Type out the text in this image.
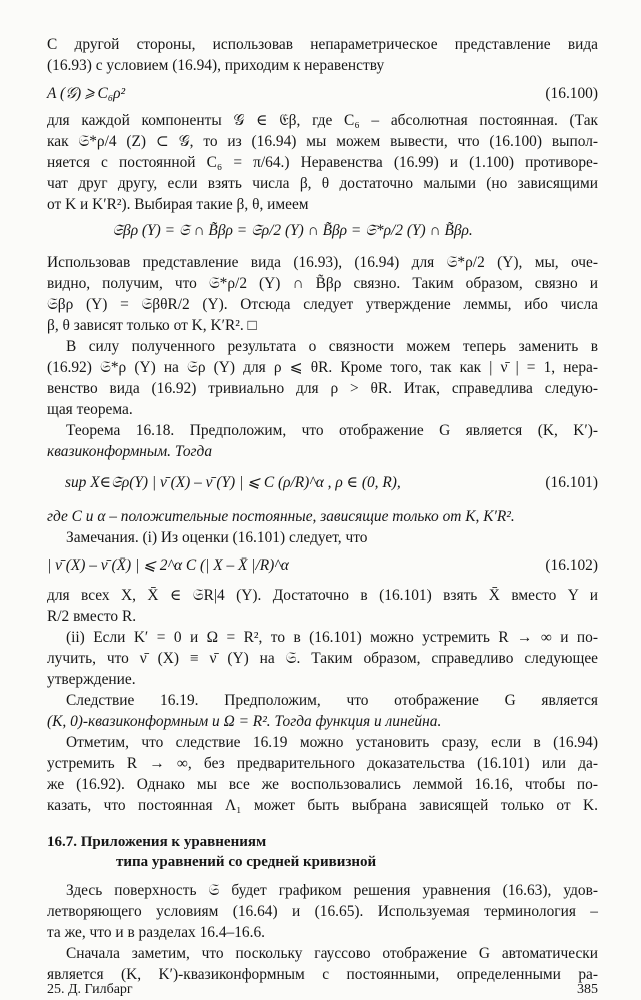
С другой стороны, использовав непараметрическое представление вида
(16.93) с условием (16.94), приходим к неравенству
A (𝒢) ⩾ C₆ρ²	(16.100)
для каждой компоненты 𝒢 ∈ 𝔈β, где C₆ – абсолютная постоянная. (Так
как 𝔖*ρ/4 (Z) ⊂ 𝒢, то из (16.94) мы можем вывести, что (16.100) выпол-
няется с постоянной C₆ = π/64.) Неравенства (16.99) и (1.100) противоре-
чат друг другу, если взять числа β, θ достаточно малыми (но зависящими
от K и K′R²). Выбирая такие β, θ, имеем
𝔖βρ (Y) = 𝔖 ∩ B̃βρ = 𝔖ρ/2 (Y) ∩ B̃βρ = 𝔖*ρ/2 (Y) ∩ B̃βρ.
Использовав представление вида (16.93), (16.94) для 𝔖*ρ/2 (Y), мы, оче-
видно, получим, что 𝔖*ρ/2 (Y) ∩ B̃βρ связно. Таким образом, связно и
𝔖βρ (Y) = 𝔖βθR/2 (Y). Отсюда следует утверждение леммы, ибо числа
β, θ зависят только от K, K′R². □
В силу полученного результата о связности можем теперь заменить в
(16.92) 𝔖*ρ (Y) на 𝔖ρ (Y) для ρ ⩽ θR. Кроме того, так как | ν̄ | = 1, нера-
венство вида (16.92) тривиально для ρ > θR. Итак, справедлива следую-
щая теорема.
Теорема 16.18. Предположим, что отображение G является (K, K′)-
квазиконформным. Тогда
sup X∈𝔖ρ(Y) | ν̄ (X) – ν̄ (Y) | ⩽ C (ρ/R)^α , ρ ∈ (0, R),	(16.101)
где C и α – положительные постоянные, зависящие только от K, K′R².
Замечания. (i) Из оценки (16.101) следует, что
| ν̄ (X) – ν̄ (X̄) | ⩽ 2^α C (| X – X̄ |/R)^α	(16.102)
для всех X, X̄ ∈ 𝔖R|4 (Y). Достаточно в (16.101) взять X̄ вместо Y и
R/2 вместо R.
(ii) Если K′ = 0 и Ω = R², то в (16.101) можно устремить R → ∞ и по-
лучить, что ν̄ (X) ≡ ν̄ (Y) на 𝔖. Таким образом, справедливо следующее
утверждение.
Следствие 16.19. Предположим, что отображение G является
(K, 0)-квазиконформным и Ω = R². Тогда функция и линейна.
Отметим, что следствие 16.19 можно установить сразу, если в (16.94)
устремить R → ∞, без предварительного доказательства (16.101) или да-
же (16.92). Однако мы все же воспользовались леммой 16.16, чтобы по-
казать, что постоянная Λ₁ может быть выбрана зависящей только от K.
16.7. Приложения к уравнениям
типа уравнений со средней кривизной
Здесь поверхность 𝔖 будет графиком решения уравнения (16.63), удов-
летворяющего условиям (16.64) и (16.65). Используемая терминология –
та же, что и в разделах 16.4–16.6.
Сначала заметим, что поскольку гауссово отображение G автоматически
является (K, K′)-квазиконформным с постоянными, определенными ра-
25. Д. Гилбарг	385
